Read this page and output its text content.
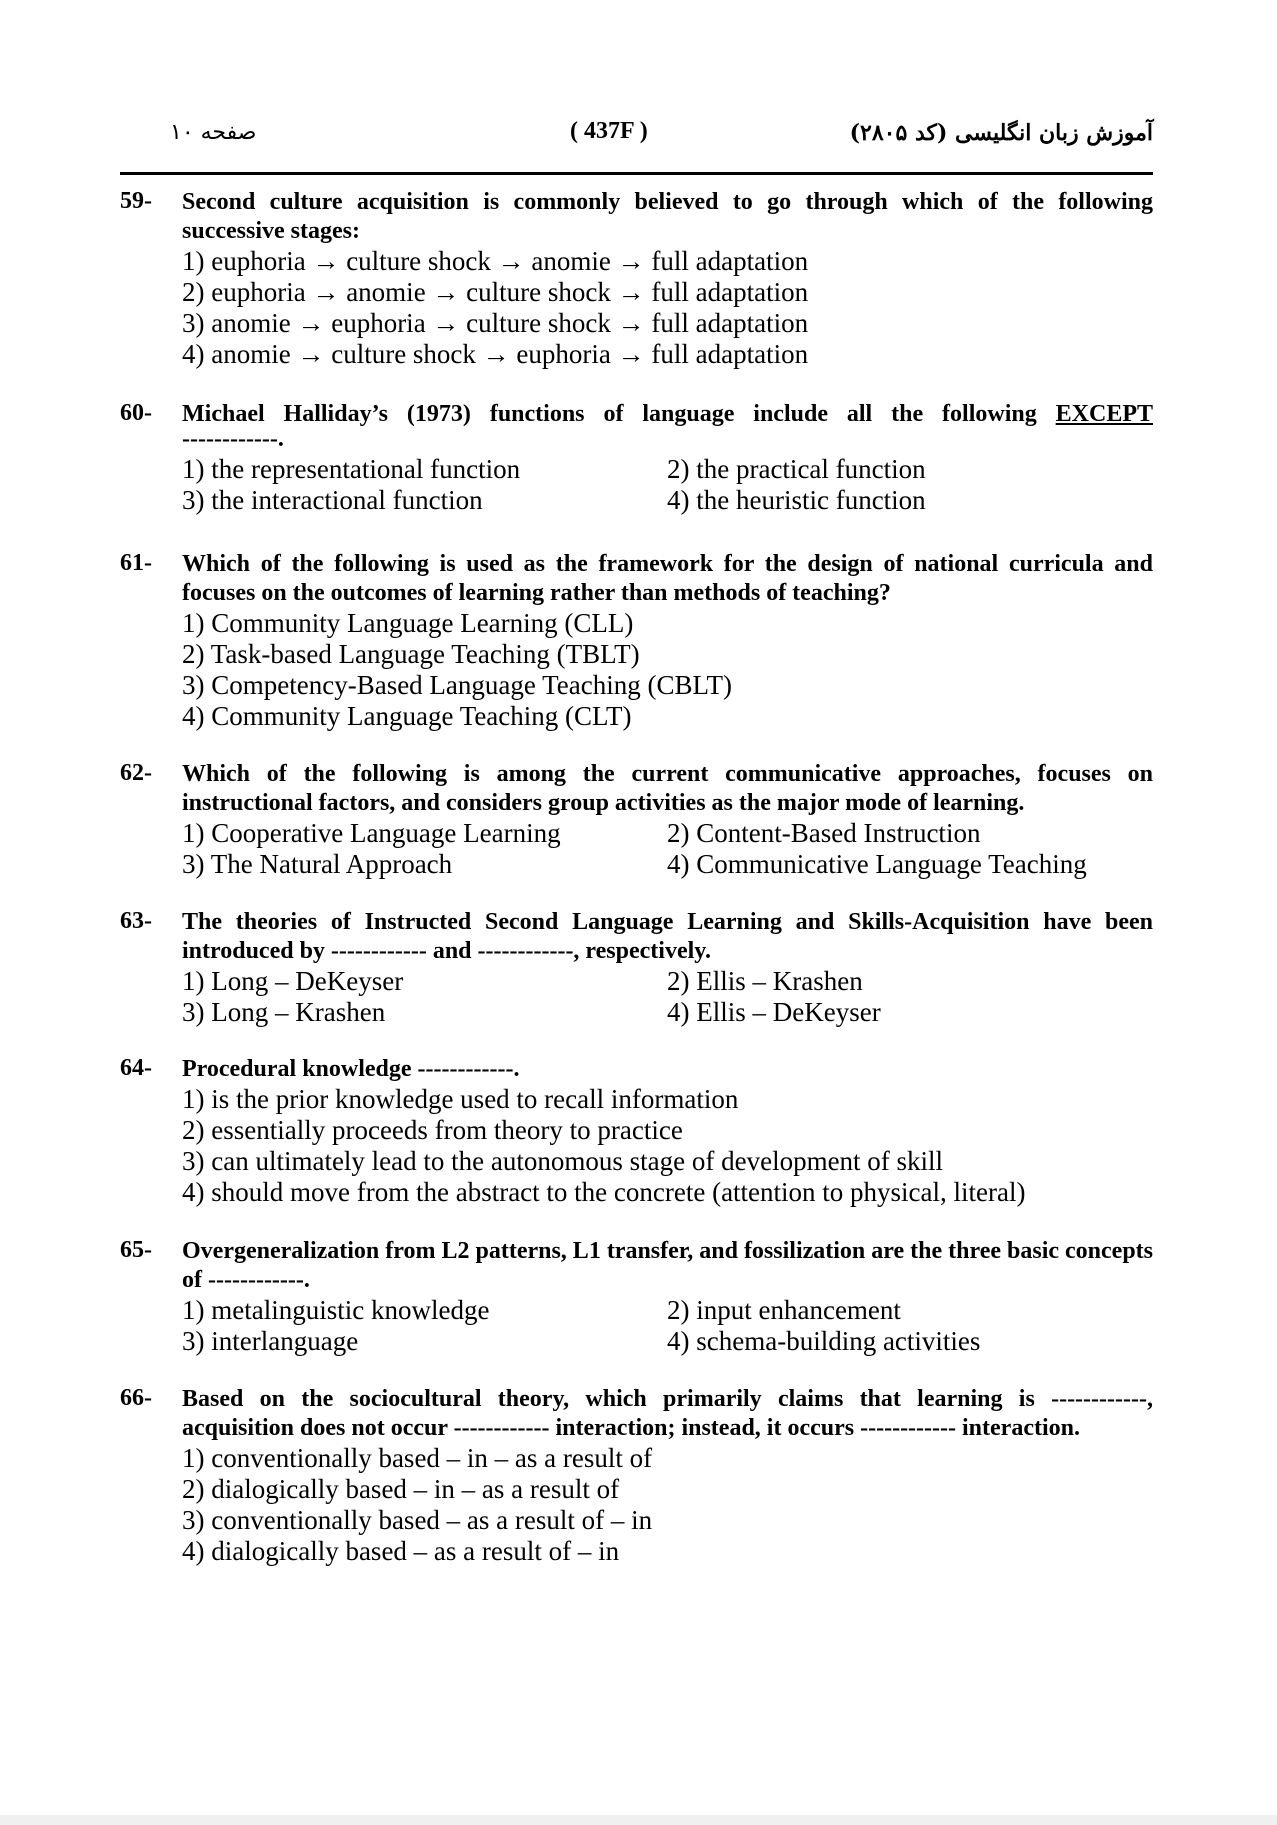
صفحه ۱۰	( 437F )	آموزش زبان انگلیسی (کد ۲۸۰۵)
59- Second culture acquisition is commonly believed to go through which of the following successive stages:
1) euphoria → culture shock → anomie → full adaptation
2) euphoria → anomie → culture shock → full adaptation
3) anomie → euphoria → culture shock → full adaptation
4) anomie → culture shock → euphoria → full adaptation
60- Michael Halliday’s (1973) functions of language include all the following EXCEPT
------------.
1) the representational function	2) the practical function
3) the interactional function	4) the heuristic function
61- Which of the following is used as the framework for the design of national curricula and focuses on the outcomes of learning rather than methods of teaching?
1) Community Language Learning (CLL)
2) Task-based Language Teaching (TBLT)
3) Competency-Based Language Teaching (CBLT)
4) Community Language Teaching (CLT)
62- Which of the following is among the current communicative approaches, focuses on instructional factors, and considers group activities as the major mode of learning.
1) Cooperative Language Learning	2) Content-Based Instruction
3) The Natural Approach	4) Communicative Language Teaching
63- The theories of Instructed Second Language Learning and Skills-Acquisition have been introduced by ------------ and ------------, respectively.
1) Long – DeKeyser	2) Ellis – Krashen
3) Long – Krashen	4) Ellis – DeKeyser
64- Procedural knowledge ------------.
1) is the prior knowledge used to recall information
2) essentially proceeds from theory to practice
3) can ultimately lead to the autonomous stage of development of skill
4) should move from the abstract to the concrete (attention to physical, literal)
65- Overgeneralization from L2 patterns, L1 transfer, and fossilization are the three basic concepts of ------------.
1) metalinguistic knowledge	2) input enhancement
3) interlanguage	4) schema-building activities
66- Based on the sociocultural theory, which primarily claims that learning is ------------, acquisition does not occur ------------ interaction; instead, it occurs ------------ interaction.
1) conventionally based – in – as a result of
2) dialogically based – in – as a result of
3) conventionally based – as a result of – in
4) dialogically based – as a result of – in
